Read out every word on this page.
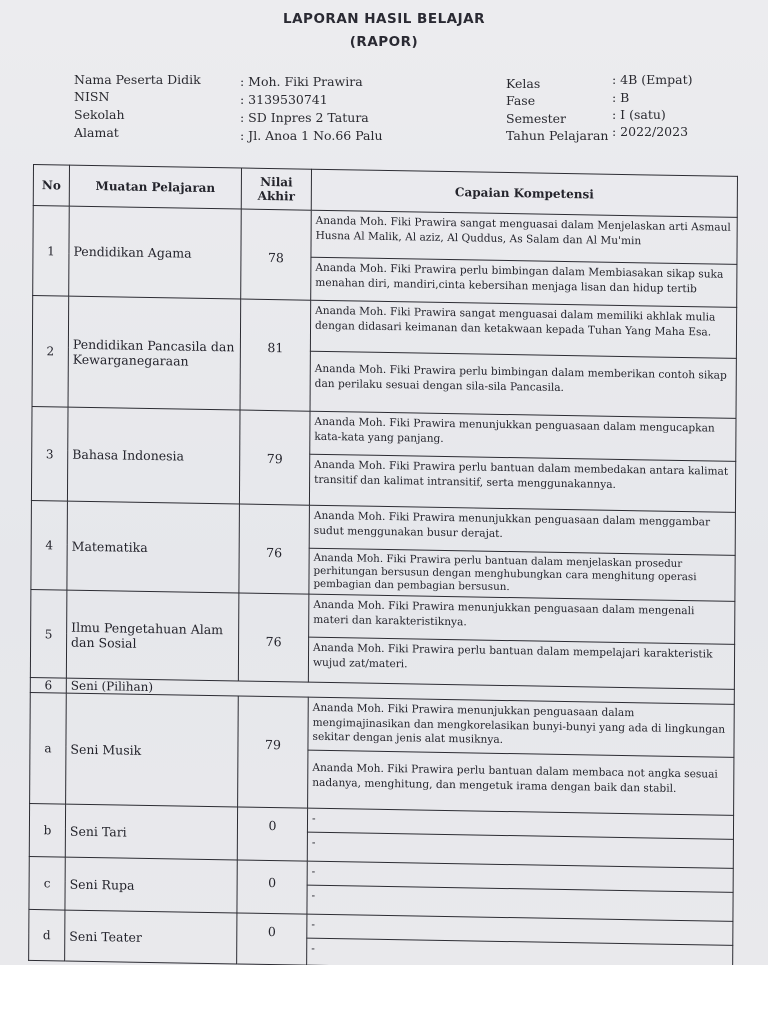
LAPORAN HASIL BELAJAR
(RAPOR)
Nama Peserta Didik	: Moh. Fiki Prawira
NISN	: 3139530741
Sekolah	: SD Inpres 2 Tatura
Alamat	: Jl. Anoa 1 No.66 Palu
Kelas	: 4B (Empat)
Fase	: B
Semester	: I (satu)
Tahun Pelajaran : 2022/2023
No	Muatan Pelajaran	Nilai Akhir	Capaian Kompetensi
1	Pendidikan Agama	78	Ananda Moh. Fiki Prawira sangat menguasai dalam Menjelaskan arti Asmaul Husna Al Malik, Al aziz, Al Quddus, As Salam dan Al Mu'min
			Ananda Moh. Fiki Prawira perlu bimbingan dalam Membiasakan sikap suka menahan diri, mandiri,cinta kebersihan menjaga lisan dan hidup tertib
2	Pendidikan Pancasila dan Kewarganegaraan	81	Ananda Moh. Fiki Prawira sangat menguasai dalam memiliki akhlak mulia dengan didasari keimanan dan ketakwaan kepada Tuhan Yang Maha Esa.
			Ananda Moh. Fiki Prawira perlu bimbingan dalam memberikan contoh sikap dan perilaku sesuai dengan sila-sila Pancasila.
3	Bahasa Indonesia	79	Ananda Moh. Fiki Prawira menunjukkan penguasaan dalam mengucapkan kata-kata yang panjang.
			Ananda Moh. Fiki Prawira perlu bantuan dalam membedakan antara kalimat transitif dan kalimat intransitif, serta menggunakannya.
4	Matematika	76	Ananda Moh. Fiki Prawira menunjukkan penguasaan dalam menggambar sudut menggunakan busur derajat.
			Ananda Moh. Fiki Prawira perlu bantuan dalam menjelaskan prosedur perhitungan bersusun dengan menghubungkan cara menghitung operasi pembagian dan pembagian bersusun.
5	Ilmu Pengetahuan Alam dan Sosial	76	Ananda Moh. Fiki Prawira menunjukkan penguasaan dalam mengenali materi dan karakteristiknya.
			Ananda Moh. Fiki Prawira perlu bantuan dalam mempelajari karakteristik wujud zat/materi.
6	Seni (Pilihan)		
a	Seni Musik	79	Ananda Moh. Fiki Prawira menunjukkan penguasaan dalam mengimajinasikan dan mengkorelasikan bunyi-bunyi yang ada di lingkungan sekitar dengan jenis alat musiknya.
			Ananda Moh. Fiki Prawira perlu bantuan dalam membaca not angka sesuai nadanya, menghitung, dan mengetuk irama dengan baik dan stabil.
b	Seni Tari	0	-
			-
c	Seni Rupa	0	-
			-
d	Seni Teater	0	-
			-
